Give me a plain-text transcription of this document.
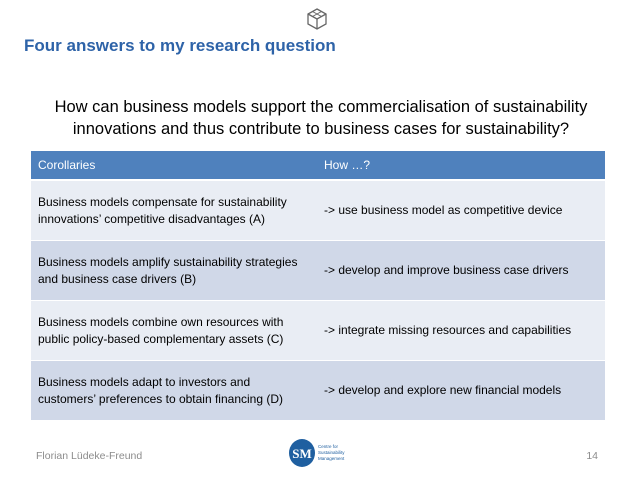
Four answers to my research question
How can business models support the commercialisation of sustainability innovations and thus contribute to business cases for sustainability?
Corollaries	How …?
Business models compensate for sustainability innovations’ competitive disadvantages (A)	-> use business model as competitive device
Business models amplify sustainability strategies and business case drivers (B)	-> develop and improve business case drivers
Business models combine own resources with public policy-based complementary assets (C)	-> integrate missing resources and capabilities
Business models adapt to investors and customers’ preferences to obtain financing (D)	-> develop and explore new financial models
Florian Lüdeke-Freund	SM Centre for
Sustainability
Management	14
